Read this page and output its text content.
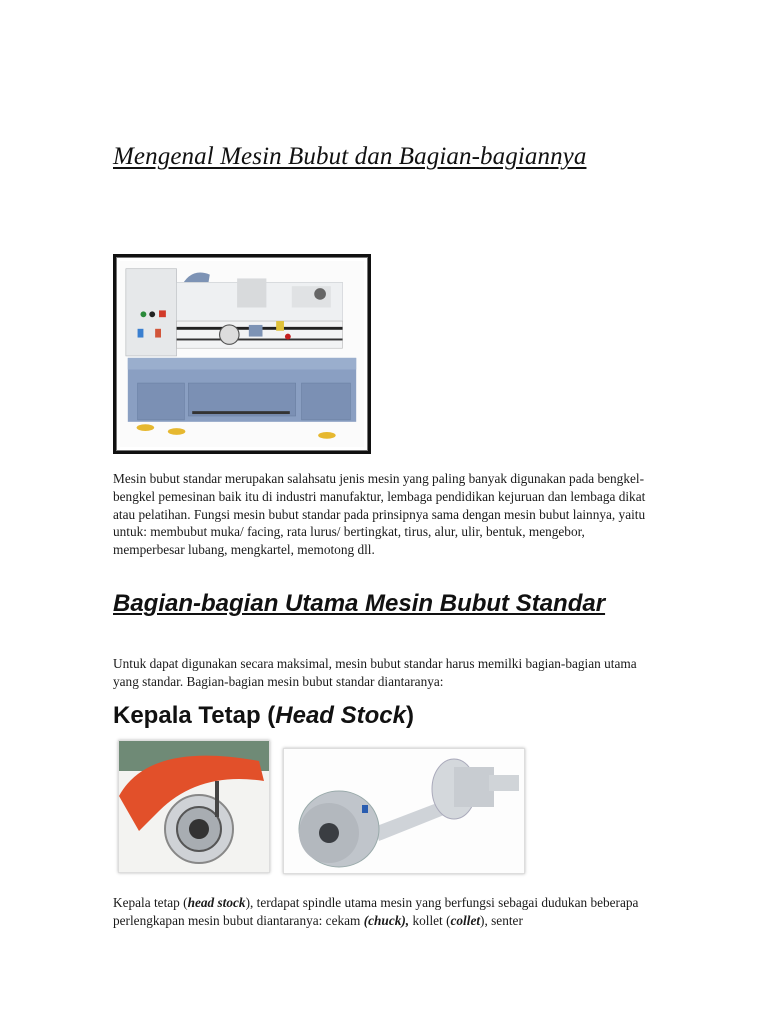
Mengenal Mesin Bubut dan Bagian-bagiannya
Mesin bubut standar merupakan salahsatu jenis mesin yang paling banyak digunakan pada bengkel-bengkel pemesinan baik itu di industri manufaktur, lembaga pendidikan kejuruan dan lembaga dikat atau pelatihan. Fungsi mesin bubut standar pada prinsipnya sama dengan mesin bubut lainnya, yaitu untuk: membubut muka/ facing, rata lurus/ bertingkat, tirus, alur, ulir, bentuk, mengebor, memperbesar lubang, mengkartel, memotong dll.
Bagian-bagian Utama Mesin Bubut Standar
Untuk dapat digunakan secara maksimal, mesin bubut standar harus memilki bagian-bagian utama yang standar. Bagian-bagian mesin bubut standar diantaranya:
Kepala Tetap (Head Stock)
Kepala tetap (head stock), terdapat spindle utama mesin yang berfungsi sebagai dudukan beberapa perlengkapan mesin bubut diantaranya: cekam (chuck), kollet (collet), senter
